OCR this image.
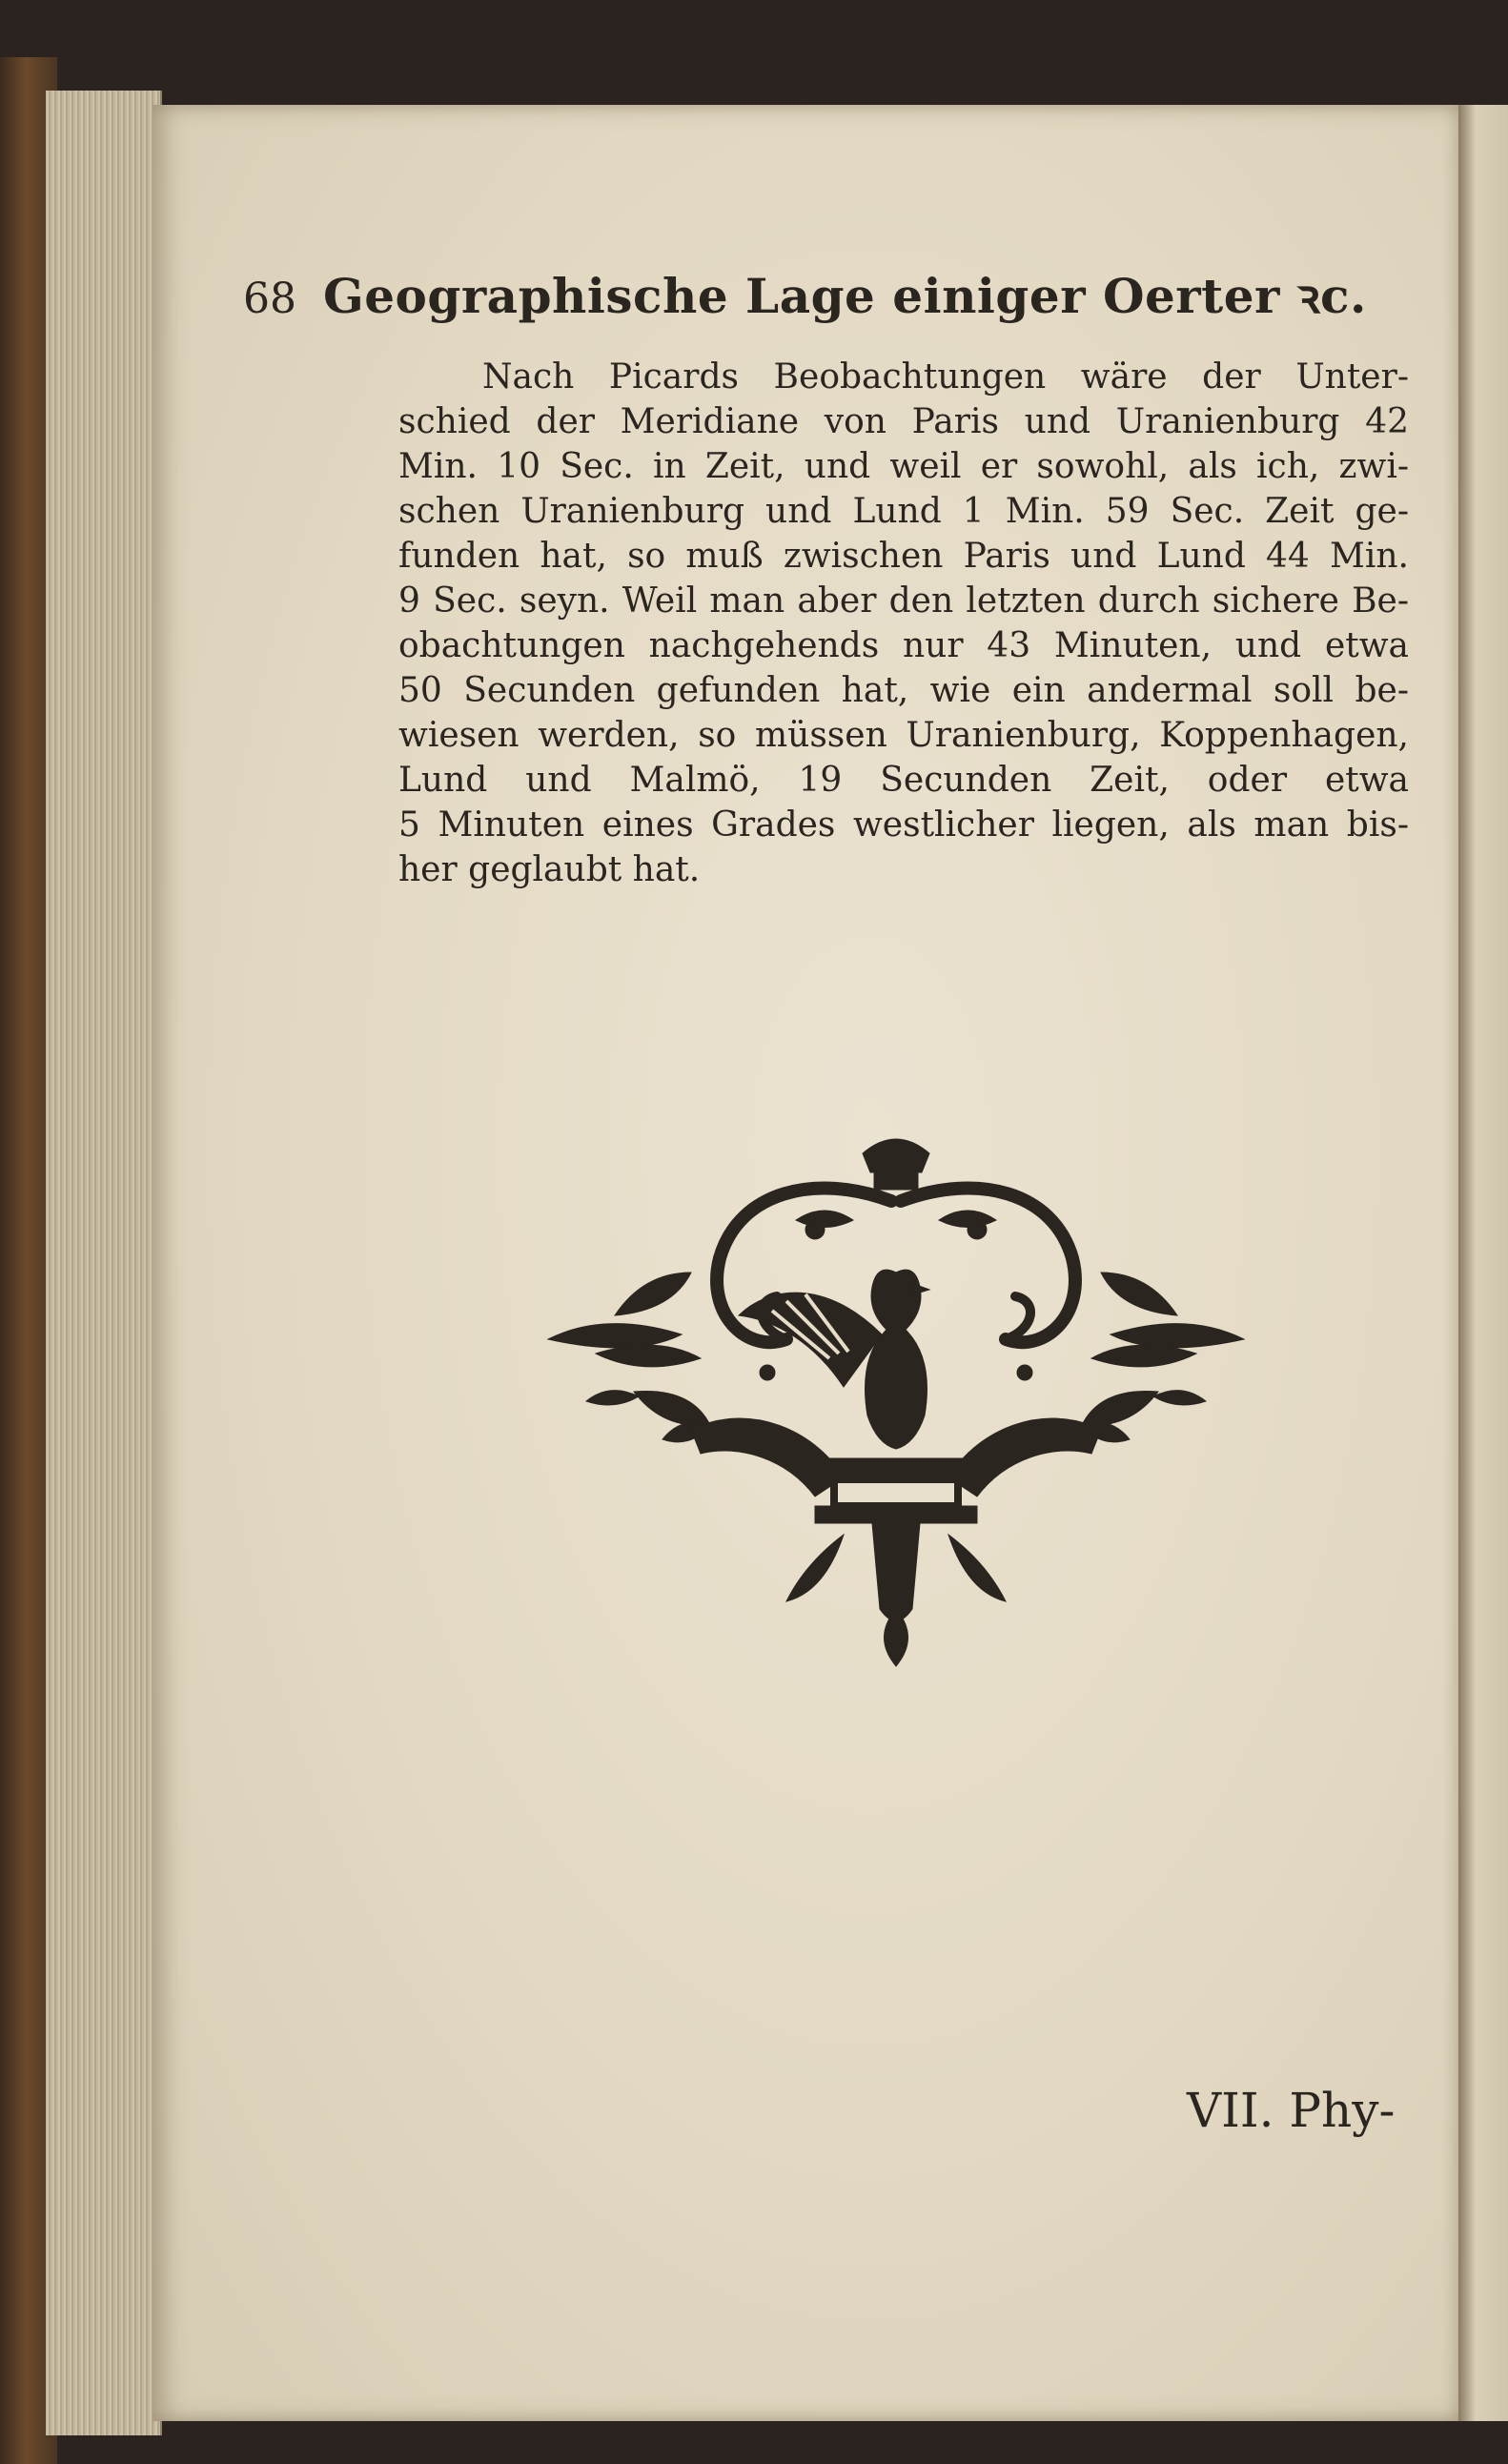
68 Geographische Lage einiger Oerter ꝛc.
Nach Picards Beobachtungen wäre der Unter-
schied der Meridiane von Paris und Uranienburg 42
Min. 10 Sec. in Zeit, und weil er sowohl, als ich, zwi-
schen Uranienburg und Lund 1 Min. 59 Sec. Zeit ge-
funden hat, so muß zwischen Paris und Lund 44 Min.
9 Sec. seyn. Weil man aber den letzten durch sichere Be-
obachtungen nachgehends nur 43 Minuten, und etwa
50 Secunden gefunden hat, wie ein andermal soll be-
wiesen werden, so müssen Uranienburg, Koppenhagen,
Lund und Malmö, 19 Secunden Zeit, oder etwa
5 Minuten eines Grades westlicher liegen, als man bis-
her geglaubt hat.
VII. Phy-
